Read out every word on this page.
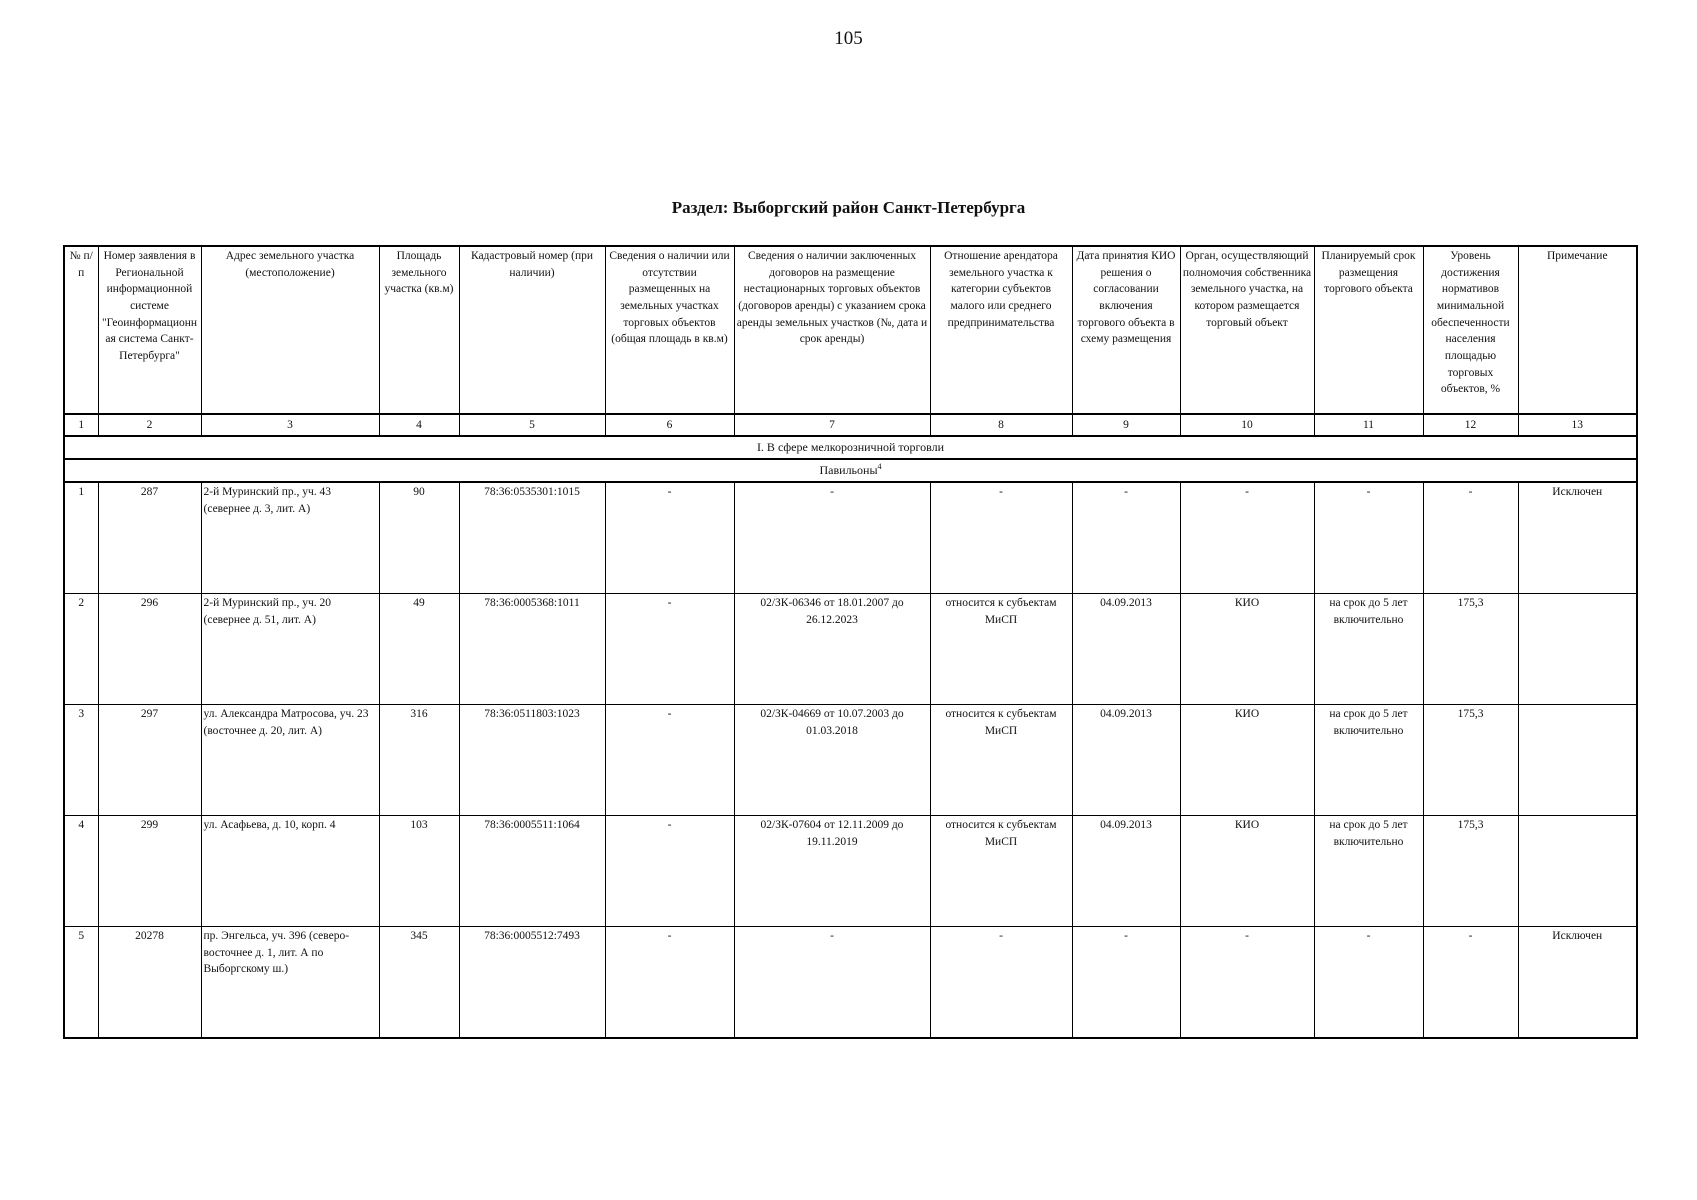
105
Раздел: Выборгский район Санкт-Петербурга
№ п/п	Номер заявления в Региональной информационной системе "Геоинформационная система Санкт-Петербурга"	Адрес земельного участка (местоположение)	Площадь земельного участка (кв.м)	Кадастровый номер (при наличии)	Сведения о наличии или отсутствии размещенных на земельных участках торговых объектов (общая площадь в кв.м)	Сведения о наличии заключенных договоров на размещение нестационарных торговых объектов (договоров аренды) с указанием срока аренды земельных участков (№, дата и срок аренды)	Отношение арендатора земельного участка к категории субъектов малого или среднего предпринимательства	Дата принятия КИО решения о согласовании включения торгового объекта в схему размещения	Орган, осуществляющий полномочия собственника земельного участка, на котором размещается торговый объект	Планируемый срок размещения торгового объекта	Уровень достижения нормативов минимальной обеспеченности населения площадью торговых объектов, %	Примечание
1	2	3	4	5	6	7	8	9	10	11	12	13
I. В сфере мелкорозничной торговли												
Павильоны$^4$
1	287	2-й Муринский пр., уч. 43 (севернее д. 3, лит. А)	90	78:36:0535301:1015	-	-	-	-	-	-	-	Исключен
2	296	2-й Муринский пр., уч. 20 (севернее д. 51, лит. А)	49	78:36:0005368:1011	-	02/ЗК-06346 от 18.01.2007 до 26.12.2023	относится к субъектам МиСП	04.09.2013	КИО	на срок до 5 лет включительно	175,3	
3	297	ул. Александра Матросова, уч. 23 (восточнее д. 20, лит. А)	316	78:36:0511803:1023	-	02/ЗК-04669 от 10.07.2003 до 01.03.2018	относится к субъектам МиСП	04.09.2013	КИО	на срок до 5 лет включительно	175,3	
4	299	ул. Асафьева, д. 10, корп. 4	103	78:36:0005511:1064	-	02/ЗК-07604 от 12.11.2009 до 19.11.2019	относится к субъектам МиСП	04.09.2013	КИО	на срок до 5 лет включительно	175,3	
5	20278	пр. Энгельса, уч. 396 (северо-восточнее д. 1, лит. А по Выборгскому ш.)	345	78:36:0005512:7493	-	-	-	-	-	-	-	Исключен
